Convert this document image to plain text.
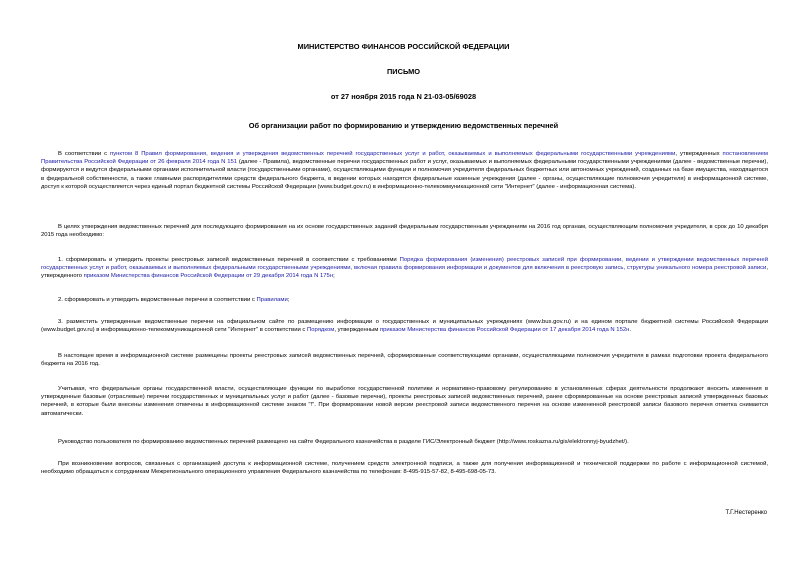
МИНИСТЕРСТВО ФИНАНСОВ РОССИЙСКОЙ ФЕДЕРАЦИИ
ПИСЬМО
от 27 ноября 2015 года N 21-03-05/69028
Об организации работ по формированию и утверждению ведомственных перечней

В соответствии с пунктом 8 Правил формирования, ведения и утверждения ведомственных перечней государственных услуг и работ, оказываемых и выполняемых федеральными государственными учреждениями, утвержденных постановлением Правительства Российской Федерации от 26 февраля 2014 года N 151 (далее - Правила), ведомственные перечни государственных работ и услуг, оказываемых и выполняемых федеральными государственными учреждениями (далее - ведомственные перечни), формируются и ведутся федеральными органами исполнительной власти (государственными органами), осуществляющими функции и полномочия учредителя федеральных бюджетных или автономных учреждений, созданных на базе имущества, находящегося в федеральной собственности, а также главными распорядителями средств федерального бюджета, в ведении которых находятся федеральные казенные учреждения (далее - органы, осуществляющие полномочия учредителя) в информационной системе, доступ к которой осуществляется через единый портал бюджетной системы Российской Федерации (www.budget.gov.ru) в информационно-телекоммуникационной сети "Интернет" (далее - информационная система).

В целях утверждения ведомственных перечней для последующего формирования на их основе государственных заданий федеральным государственным учреждениям на 2016 год органам, осуществляющим полномочия учредителя, в срок до 10 декабря 2015 года необходимо:

1. сформировать и утвердить проекты реестровых записей ведомственных перечней в соответствии с требованиями Порядка формирования (изменения) реестровых записей при формировании, ведении и утверждении ведомственных перечней государственных услуг и работ, оказываемых и выполняемых федеральными государственными учреждениями, включая правила формирования информации и документов для включения в реестровую запись, структуры уникального номера реестровой записи, утвержденного приказом Министерства финансов Российской Федерации от 29 декабря 2014 года N 175н;

2. сформировать и утвердить ведомственные перечни в соответствии с Правилами;

3. разместить утвержденные ведомственные перечни на официальном сайте по размещению информации о государственных и муниципальных учреждениях (www.bus.gov.ru) и на едином портале бюджетной системы Российской Федерации (www.budget.gov.ru) в информационно-телекоммуникационной сети "Интернет" в соответствии с Порядком, утвержденным приказом Министерства финансов Российской Федерации от 17 декабря 2014 года N 152н.

В настоящее время в информационной системе размещены проекты реестровых записей ведомственных перечней, сформированные соответствующими органами, осуществляющими полномочия учредителя в рамках подготовки проекта федерального бюджета на 2016 год.

Учитывая, что федеральные органы государственной власти, осуществляющие функции по выработке государственной политики и нормативно-правовому регулированию в установленных сферах деятельности продолжают вносить изменения в утвержденные базовые (отраслевые) перечни государственных и муниципальных услуг и работ (далее - базовые перечни), проекты реестровых записей ведомственных перечней, ранее сформированные на основе реестровых записей утвержденных базовых перечней, в которые были внесены изменения отмечены в информационной системе знаком "!". При формировании новой версии реестровой записи ведомственного перечня на основе измененной реестровой записи базового перечня отметка снимается автоматически.

Руководство пользователя по формированию ведомственных перечней размещено на сайте Федерального казначейства в разделе ГИС/Электронный бюджет (http://www.roskazna.ru/gis/elektronnyj-byudzhet/).

При возникновении вопросов, связанных с организацией доступа к информационной системе, получением средств электронной подписи, а также для получения информационной и технической поддержки по работе с информационной системой, необходимо обращаться к сотрудникам Межрегионального операционного управления Федерального казначейства по телефонам: 8-495-915-57-82, 8-495-698-05-73.

Т.Г.Нестеренко
